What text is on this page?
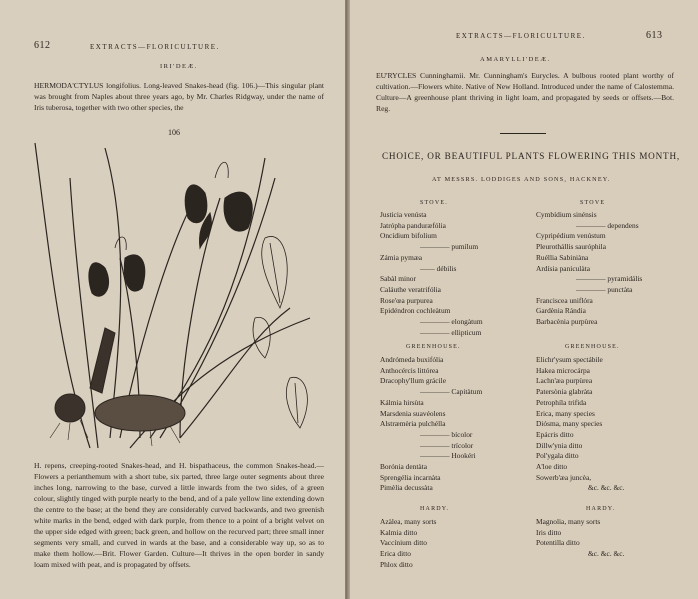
612	EXTRACTS—FLORICULTURE.
IRI'DEÆ.
HERMODA'CTYLUS longifolius. Long-leaved Snakes-head (fig. 106.)—This singular plant was brought from Naples about three years ago, by Mr. Charles Ridgway, under the name of Iris tuberosa, together with two other species, the
106
H. repens, creeping-rooted Snakes-head, and H. bispathaceus, the common Snakes-head.—Flowers a perianthemum with a short tube, six parted, three large outer segments about three inches long, narrowing to the base, curved a little inwards from the two sides, of a green colour, slightly tinged with purple nearly to the bend, and of a pale yellow line extending down the centre to the base; at the bend they are considerably curved backwards, and two greenish white marks in the bend, edged with dark purple, from thence to a point of a bright velvet on the upper side edged with green; back green, and hollow on the recurved part; three small inner segments very small, and curved in wards at the base, and a considerable way up, so as to make them hollow.—Brit. Flower Garden. Culture—It thrives in the open border in sandy loam mixed with peat, and is propagated by offsets.
EXTRACTS—FLORICULTURE.	613
AMARYLLI'DEÆ.
EU'RYCLES Cunninghamii. Mr. Cunningham's Eurycles. A bulbous rooted plant worthy of cultivation.—Flowers white. Native of New Holland. Introduced under the name of Calostemma. Culture—A greenhouse plant thriving in light loam, and propagated by seeds or offsets.—Bot. Reg.
CHOICE, OR BEAUTIFUL PLANTS FLOWERING THIS MONTH,
AT MESSRS. LODDIGES AND SONS, HACKNEY.
STOVE.	STOVE
Justicia venústa
Jatrópha panduræfólia
Oncídium bifolium
———— pumílum
Zámia pymæa
—— débilis
Sabàl minor
Caláuthe veratrifólia
Rose'œa purpurea
Epidéndron cochleàtum
———— elongàtum
———— ellipticum
Cymbídium sinénsis
———— dependens
Cypripédium venústum
Pleurothállis sauróphila
Ruéllia Sabiniàna
Ardísia paniculàta
———— pyramidális
———— punctàta
Franciscea uniflóra
Gardènia Rándia
Barbacènia purpùrea
GREENHOUSE.	GREENHOUSE.
Andrómeda buxifólia
Anthocércis littórea
Dracophy'llum grácile
———— Capitàtum
Kálmia hirsùta
Marsdenia suavéolens
Alstræmèria pulchélla
———— bícolor
———— trícolor
———— Hookéri
Borónia dentàta
Sprengélia incarnàta
Pimèlia decussàta
Elichr'ysum spectábile
Hakea microcárpa
Lachn'æa purpùrea
Patersònia glabràta
Petrophíla trifida
Erica, many species
Diósma, many species
Epácris ditto
Dillw'ynia ditto
Pol'ygala ditto
A'loe ditto
Sowerb'æa juncèa,
&c. &c. &c.
HARDY.	HARDY.
Azàlea, many sorts
Kalmia ditto
Vaccínium ditto
Erica ditto
Phlox ditto
Magnolia, many sorts
Iris ditto
Potentilla ditto
&c. &c. &c.
